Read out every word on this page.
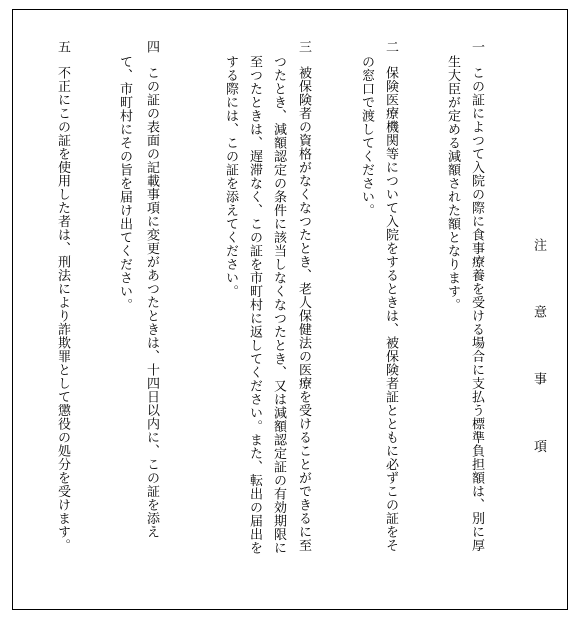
注 意 事 項

一

この証によつて入院の際に食事療養を受ける場合に支払う標準負担額は、別に厚

生大臣が定める減額された額となります。

二

保険医療機関等について入院をするときは、被保険者証とともに必ずこの証をそ

の窓口で渡してください。

三

被保険者の資格がなくなつたとき、老人保健法の医療を受けることができるに至

つたとき、減額認定の条件に該当しなくなつたとき、又は減額認定証の有効期限に

至つたときは、遅滞なく、この証を市町村に返してください。また、転出の届出を

する際には、この証を添えてください。

四

この証の表面の記載事項に変更があつたときは、十四日以内に、この証を添え

て、市町村にその旨を届け出てください。

五

不正にこの証を使用した者は、刑法により詐欺罪として懲役の処分を受けます。
